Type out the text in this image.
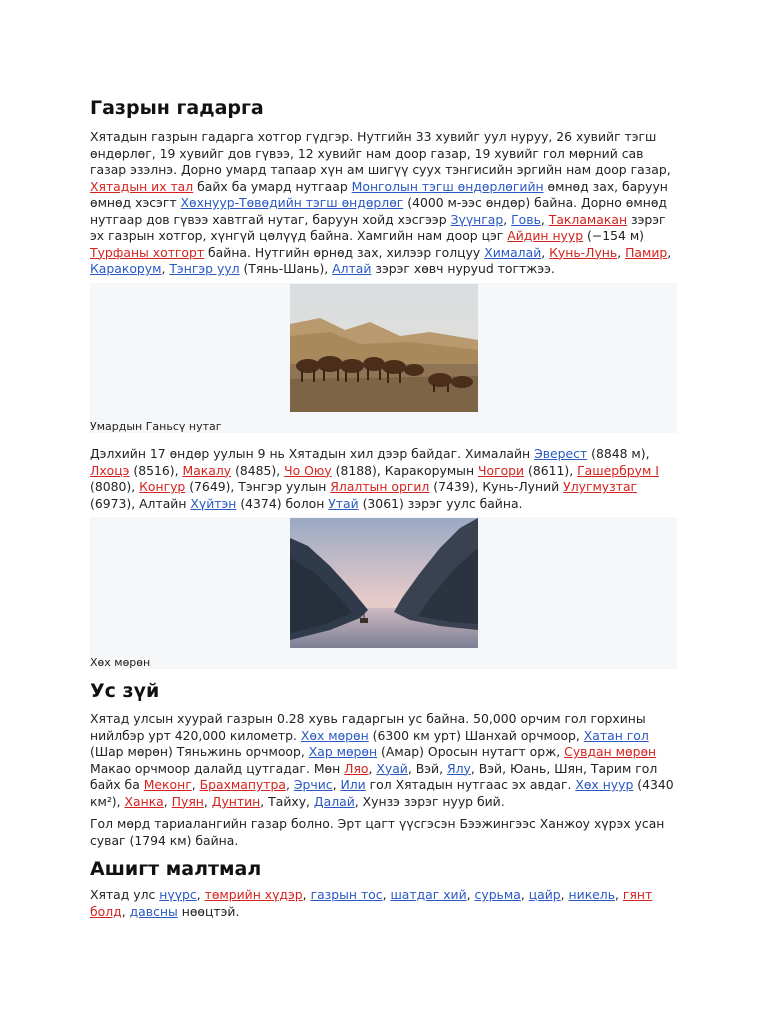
Газрын гадарга

Хятадын газрын гадарга хотгор гүдгэр. Нутгийн 33 хувийг уул нуруу, 26 хувийг тэгш өндөрлөг, 19 хувийг дов гүвээ, 12 хувийг нам доор газар, 19 хувийг гол мөрний сав газар эзэлнэ. Дорно умард тапаар хүн ам шигүү суух тэнгисийн эргийн нам доор газар, Хятадын их тал байх ба умард нутгаар Монголын тэгш өндөрлөгийн өмнөд зах, баруун өмнөд хэсэгт Хөхнуур-Төвөдийн тэгш өндөрлөг (4000 м-ээс өндөр) байна. Дорно өмнөд нутгаар дов гүвээ хавтгай нутаг, баруун хойд хэсгээр Зүүнгар, Говь, Такламакан зэрэг эх газрын хотгор, хүнгүй цөлүүд байна. Хамгийн нам доор цэг Айдин нуур (−154 м) Турфаны хотгорт байна. Нутгийн өрнөд зах, хилээр голцуу Хималай, Кунь-Лунь, Памир, Каракорум, Тэнгэр уул (Тянь-Шань), Алтай зэрэг хөвч нуруud тогтжээ.

Умардын Ганьсү нутаг

Дэлхийн 17 өндөр уулын 9 нь Хятадын хил дээр байдаг. Хималайн Эверест (8848 м), Лхоцэ (8516), Макалу (8485), Чо Оюу (8188), Каракорумын Чогори (8611), Гашербрум I (8080), Конгур (7649), Тэнгэр уулын Ялалтын оргил (7439), Кунь-Луний Улугмузтаг (6973), Алтайн Хүйтэн (4374) болон Утай (3061) зэрэг уулс байна.

Хөх мөрөн
Ус зүй

Хятад улсын хуурай газрын 0.28 хувь гадаргын ус байна. 50,000 орчим гол горхины нийлбэр урт 420,000 километр. Хөх мөрөн (6300 км урт) Шанхай орчмоор, Хатан гол (Шар мөрөн) Тяньжинь орчмоор, Хар мөрөн (Амар) Оросын нутагт орж, Сувдан мөрөн Макао орчмоор далайд цутгадаг. Мөн Ляо, Хуай, Вэй, Ялу, Вэй, Юань, Шян, Тарим гол байх ба Меконг, Брахмапутра, Эрчис, Или гол Хятадын нутгаас эх авдаг. Хөх нуур (4340 км²), Ханка, Пуян, Дунтин, Тайху, Далай, Хунзэ зэрэг нуур бий.

Гол мөрд тариалангийн газар болно. Эрт цагт үүсгэсэн Бээжингээс Ханжоу хүрэх усан суваг (1794 км) байна.

Ашигт малтмал

Хятад улс нүүрс, төмрийн хүдэр, газрын тос, шатдаг хий, сурьма, цайр, никель, гянт болд, давсны нөөцтэй.
